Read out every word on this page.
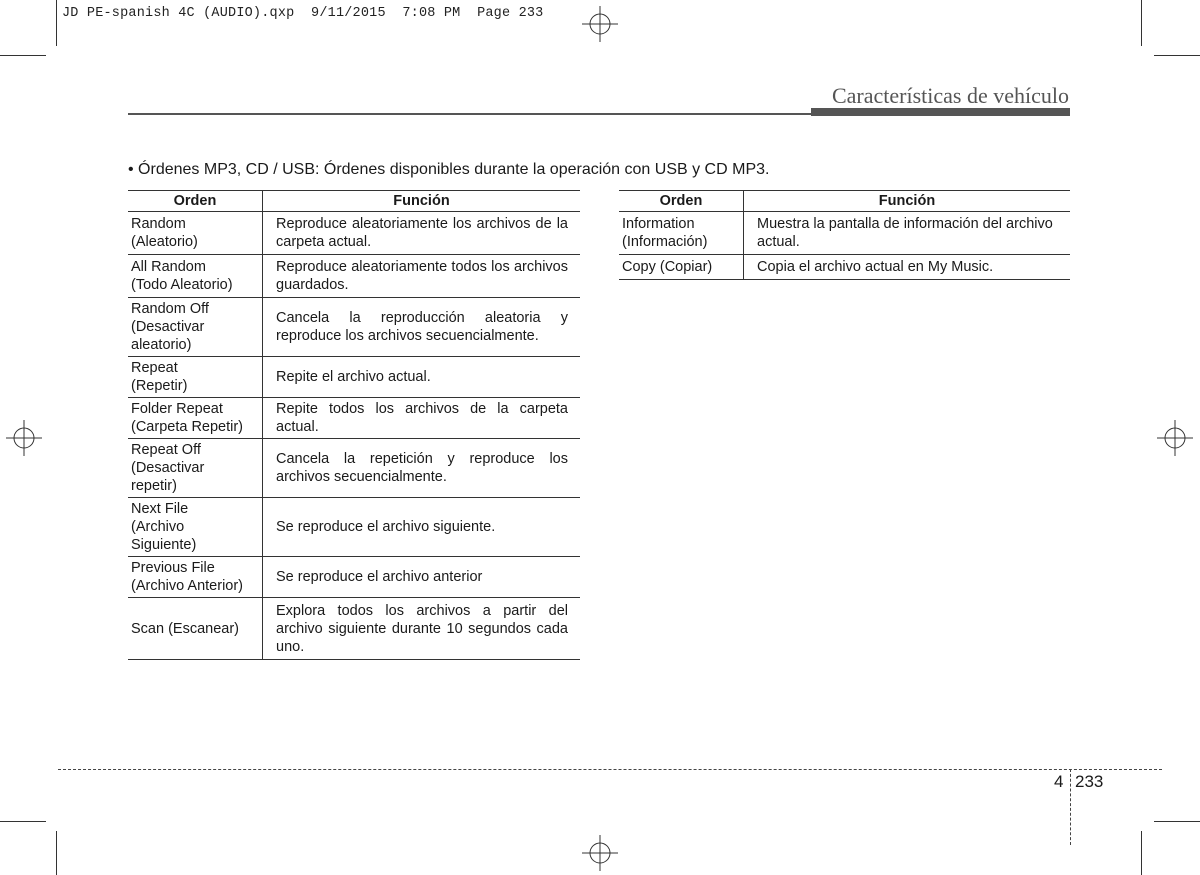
JD PE-spanish 4C (AUDIO).qxp  9/11/2015  7:08 PM  Page 233
Características de vehículo
• Órdenes MP3, CD / USB: Órdenes disponibles durante la operación con USB y CD MP3.
Orden	Función
Random
(Aleatorio)	Reproduce aleatoriamente los archivos de la carpeta actual.
All Random
(Todo Aleatorio)	Reproduce aleatoriamente todos los archivos guardados.
Random Off
(Desactivar
aleatorio)	Cancela la reproducción aleatoria y reproduce los archivos secuencialmente.
Repeat
(Repetir)	Repite el archivo actual.
Folder Repeat
(Carpeta Repetir)	Repite todos los archivos de la carpeta actual.
Repeat Off
(Desactivar
repetir)	Cancela la repetición y reproduce los archivos secuencialmente.
Next File
(Archivo
Siguiente)	Se reproduce el archivo siguiente.
Previous File
(Archivo Anterior)	Se reproduce el archivo anterior
Scan (Escanear)	Explora todos los archivos a partir del archivo siguiente durante 10 segundos cada uno.
Orden	Función
Information
(Información)	Muestra la pantalla de información del archivo actual.
Copy (Copiar)	Copia el archivo actual en My Music.
4 233
